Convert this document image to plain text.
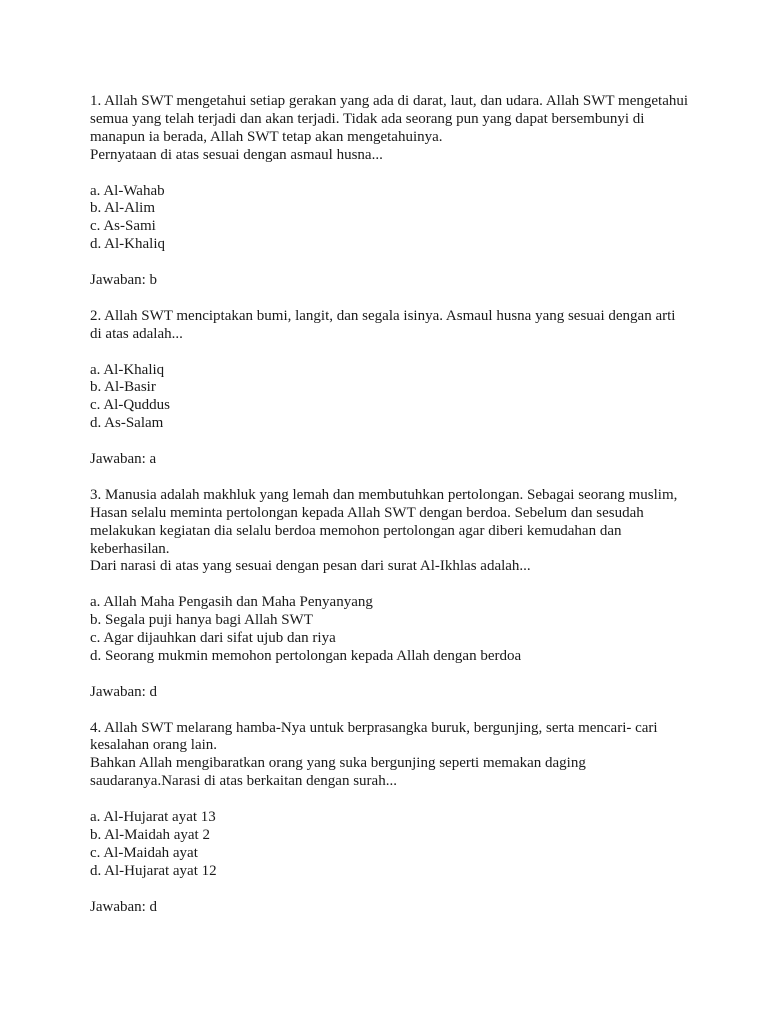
1. Allah SWT mengetahui setiap gerakan yang ada di darat, laut, dan udara. Allah SWT mengetahui semua yang telah terjadi dan akan terjadi. Tidak ada seorang pun yang dapat bersembunyi di manapun ia berada, Allah SWT tetap akan mengetahuinya.

Pernyataan di atas sesuai dengan asmaul husna...

a. Al-Wahab
b. Al-Alim
c. As-Sami
d. Al-Khaliq

Jawaban: b

2. Allah SWT menciptakan bumi, langit, dan segala isinya. Asmaul husna yang sesuai dengan arti di atas adalah...

a. Al-Khaliq
b. Al-Basir
c. Al-Quddus
d. As-Salam

Jawaban: a

3. Manusia adalah makhluk yang lemah dan membutuhkan pertolongan. Sebagai seorang muslim, Hasan selalu meminta pertolongan kepada Allah SWT dengan berdoa. Sebelum dan sesudah melakukan kegiatan dia selalu berdoa memohon pertolongan agar diberi kemudahan dan keberhasilan.

Dari narasi di atas yang sesuai dengan pesan dari surat Al-Ikhlas adalah...

a. Allah Maha Pengasih dan Maha Penyanyang
b. Segala puji hanya bagi Allah SWT
c. Agar dijauhkan dari sifat ujub dan riya
d. Seorang mukmin memohon pertolongan kepada Allah dengan berdoa

Jawaban: d

4. Allah SWT melarang hamba-Nya untuk berprasangka buruk, bergunjing, serta mencari- cari kesalahan orang lain.

Bahkan Allah mengibaratkan orang yang suka bergunjing seperti memakan daging saudaranya.Narasi di atas berkaitan dengan surah...

a. Al-Hujarat ayat 13
b. Al-Maidah ayat 2
c. Al-Maidah ayat
d. Al-Hujarat ayat 12

Jawaban: d
